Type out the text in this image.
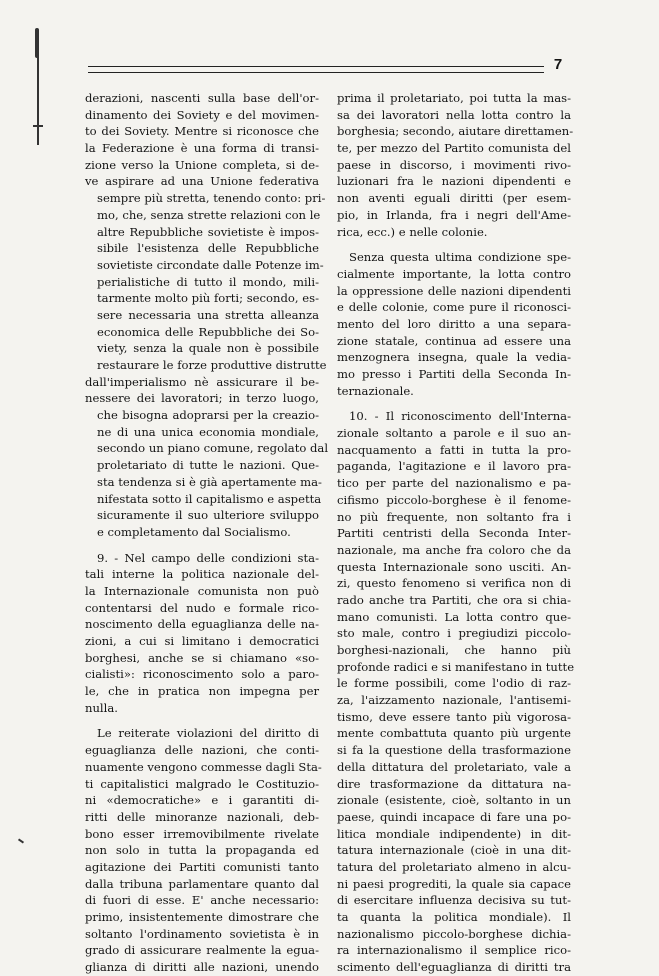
7
derazioni, nascenti sulla base dell'or-
dinamento dei Soviety e del movimen-
to dei Soviety. Mentre si riconosce che
la Federazione è una forma di transi-
zione verso la Unione completa, si de-
ve aspirare ad una Unione federativa
sempre più stretta, tenendo conto: pri-
mo, che, senza strette relazioni con le
altre Repubbliche sovietiste è impos-
sibile l'esistenza delle Repubbliche
sovietiste circondate dalle Potenze im-
perialistiche di tutto il mondo, mili-
tarmente molto più forti; secondo, es-
sere necessaria una stretta alleanza
economica delle Repubbliche dei So-
viety, senza la quale non è possibile
restaurare le forze produttive distrutte
dall'imperialismo nè assicurare il be-
nessere dei lavoratori; in terzo luogo,
che bisogna adoprarsi per la creazio-
ne di una unica economia mondiale,
secondo un piano comune, regolato dal
proletariato di tutte le nazioni. Que-
sta tendenza si è già apertamente ma-
nifestata sotto il capitalismo e aspetta
sicuramente il suo ulteriore sviluppo
e completamento dal Socialismo.
9. - Nel campo delle condizioni sta-
tali interne la politica nazionale del-
la Internazionale comunista non può
contentarsi del nudo e formale rico-
noscimento della eguaglianza delle na-
zioni, a cui si limitano i democratici
borghesi, anche se si chiamano «so-
cialisti»: riconoscimento solo a paro-
le, che in pratica non impegna per
nulla.
Le reiterate violazioni del diritto di
eguaglianza delle nazioni, che conti-
nuamente vengono commesse dagli Sta-
ti capitalistici malgrado le Costituzio-
ni «democratiche» e i garantiti di-
ritti delle minoranze nazionali, deb-
bono esser irremovibilmente rivelate
non solo in tutta la propaganda ed
agitazione dei Partiti comunisti tanto
dalla tribuna parlamentare quanto dal
di fuori di esse. E' anche necessario:
primo, insistentemente dimostrare che
soltanto l'ordinamento sovietista è in
grado di assicurare realmente la egua-
glianza di diritti alle nazioni, unendo
prima il proletariato, poi tutta la mas-
sa dei lavoratori nella lotta contro la
borghesia; secondo, aiutare direttamen-
te, per mezzo del Partito comunista del
paese in discorso, i movimenti rivo-
luzionari fra le nazioni dipendenti e
non aventi eguali diritti (per esem-
pio, in Irlanda, fra i negri dell'Ame-
rica, ecc.) e nelle colonie.
Senza questa ultima condizione spe-
cialmente importante, la lotta contro
la oppressione delle nazioni dipendenti
e delle colonie, come pure il riconosci-
mento del loro diritto a una separa-
zione statale, continua ad essere una
menzognera insegna, quale la vedia-
mo presso i Partiti della Seconda In-
ternazionale.
10. - Il riconoscimento dell'Interna-
zionale soltanto a parole e il suo an-
nacquamento a fatti in tutta la pro-
paganda, l'agitazione e il lavoro pra-
tico per parte del nazionalismo e pa-
cifismo piccolo-borghese è il fenome-
no più frequente, non soltanto fra i
Partiti centristi della Seconda Inter-
nazionale, ma anche fra coloro che da
questa Internazionale sono usciti. An-
zi, questo fenomeno si verifica non di
rado anche tra Partiti, che ora si chia-
mano comunisti. La lotta contro que-
sto male, contro i pregiudizi piccolo-
borghesi-nazionali, che hanno più
profonde radici e si manifestano in tutte
le forme possibili, come l'odio di raz-
za, l'aizzamento nazionale, l'antisemi-
tismo, deve essere tanto più vigorosa-
mente combattuta quanto più urgente
si fa la questione della trasformazione
della dittatura del proletariato, vale a
dire trasformazione da dittatura na-
zionale (esistente, cioè, soltanto in un
paese, quindi incapace di fare una po-
litica mondiale indipendente) in dit-
tatura internazionale (cioè in una dit-
tatura del proletariato almeno in alcu-
ni paesi progrediti, la quale sia capace
di esercitare influenza decisiva su tut-
ta quanta la politica mondiale). Il
nazionalismo piccolo-borghese dichia-
ra internazionalismo il semplice rico-
scimento dell'eguaglianza di diritti tra
